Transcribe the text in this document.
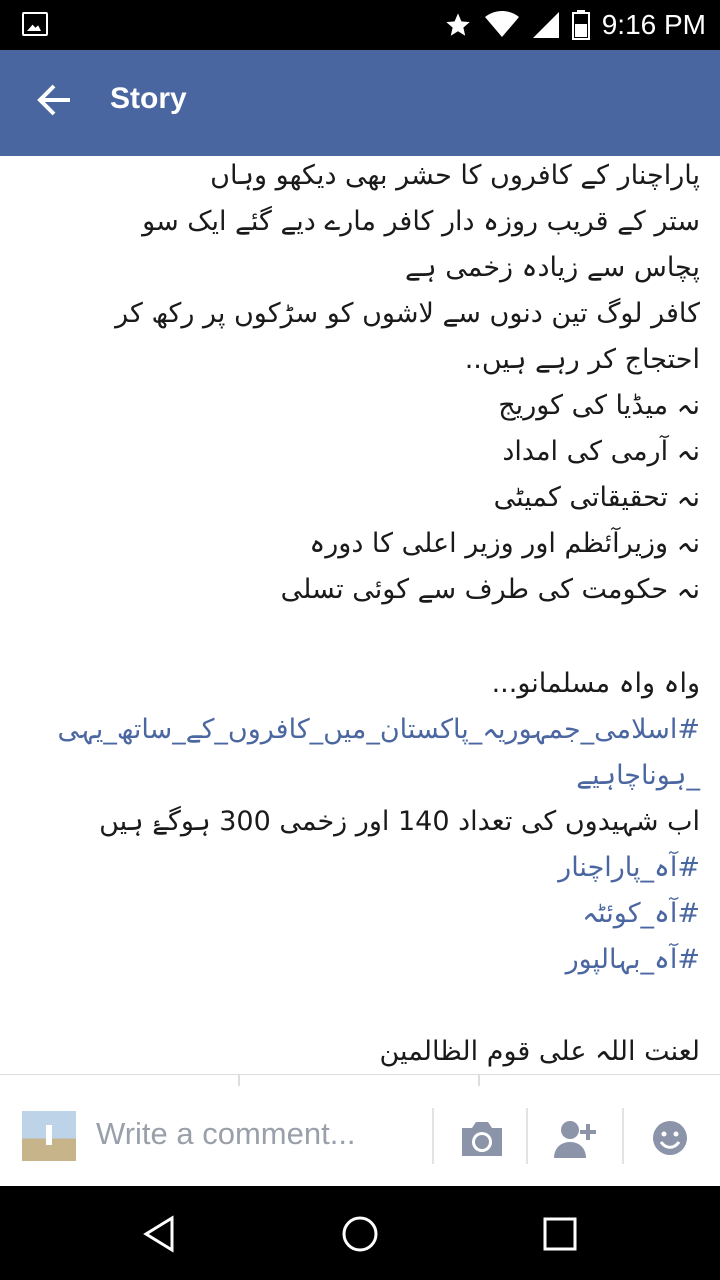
9:16 PM
Story
پاراچنار کے کافروں کا حشر بھی دیکھو وہاں
ستر کے قریب روزہ دار کافر مارے دیے گئے ایک سو
پچاس سے زیادہ زخمی ہے
کافر لوگ تین دنوں سے لاشوں کو سڑکوں پر رکھ کر
احتجاج کر رہے ہیں..
نہ میڈیا کی کوریج
نہ آرمی کی امداد
نہ تحقیقاتی کمیٹی
نہ وزیرآئظم اور وزیر اعلی کا دورہ
نہ حکومت کی طرف سے کوئی تسلی
واہ واہ مسلمانو...
#اسلامی_جمہوریہ_پاکستان_میں_کافروں_کے_ساتھ_یہی
_ہوناچاہیے
اب شہیدوں کی تعداد 140 اور زخمی 300 ہوگۓ ہیں
#آہ_پاراچنار
#آہ_کوئٹہ
#آہ_بہالپور
لعنت اللہ علی قوم الظالمین
Write a comment...
